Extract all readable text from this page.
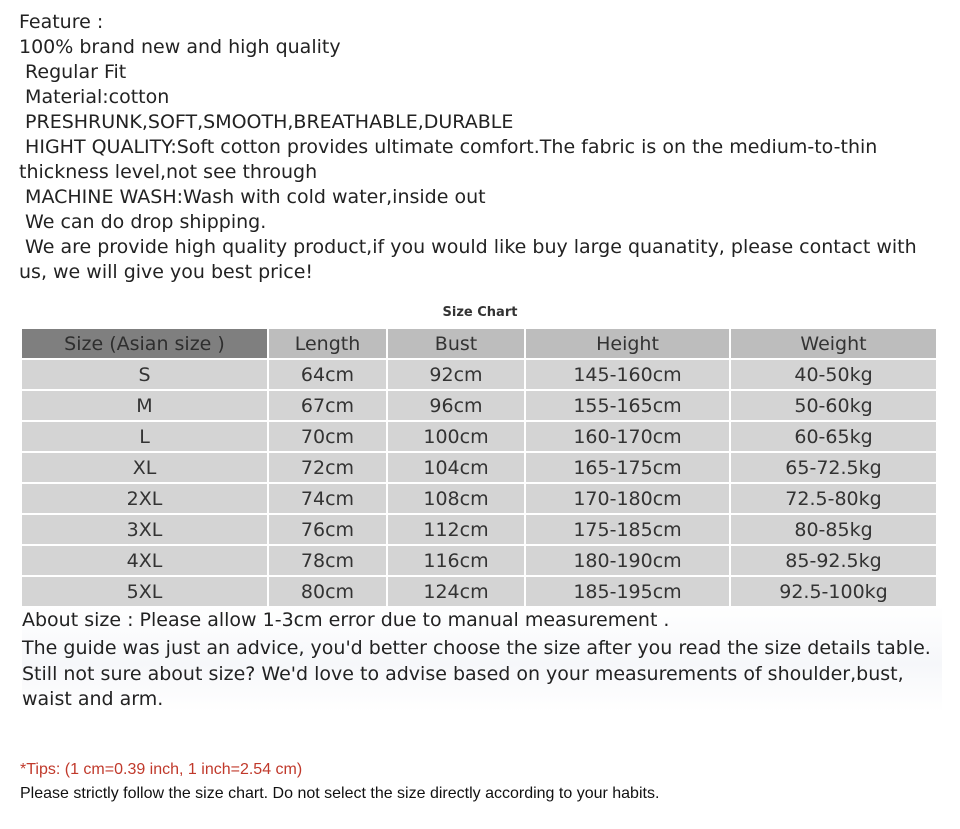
Feature :
100% brand new and high quality
Regular Fit
Material:cotton
PRESHRUNK,SOFT,SMOOTH,BREATHABLE,DURABLE
HIGHT QUALITY:Soft cotton provides ultimate comfort.The fabric is on the medium-to-thin thickness level,not see through
MACHINE WASH:Wash with cold water,inside out
We can do drop shipping.
We are provide high quality product,if you would like buy large quanatity, please contact with us, we will give you best price!
Size Chart
Size (Asian size )	Length	Bust	Height	Weight
S	64cm	92cm	145-160cm	40-50kg
M	67cm	96cm	155-165cm	50-60kg
L	70cm	100cm	160-170cm	60-65kg
XL	72cm	104cm	165-175cm	65-72.5kg
2XL	74cm	108cm	170-180cm	72.5-80kg
3XL	76cm	112cm	175-185cm	80-85kg
4XL	78cm	116cm	180-190cm	85-92.5kg
5XL	80cm	124cm	185-195cm	92.5-100kg
About size : Please allow 1-3cm error due to manual measurement .
The guide was just an advice, you'd better choose the size after you read the size details table.
Still not sure about size? We'd love to advise based on your measurements of shoulder,bust, waist and arm.
*Tips: (1 cm=0.39 inch, 1 inch=2.54 cm)
Please strictly follow the size chart. Do not select the size directly according to your habits.
